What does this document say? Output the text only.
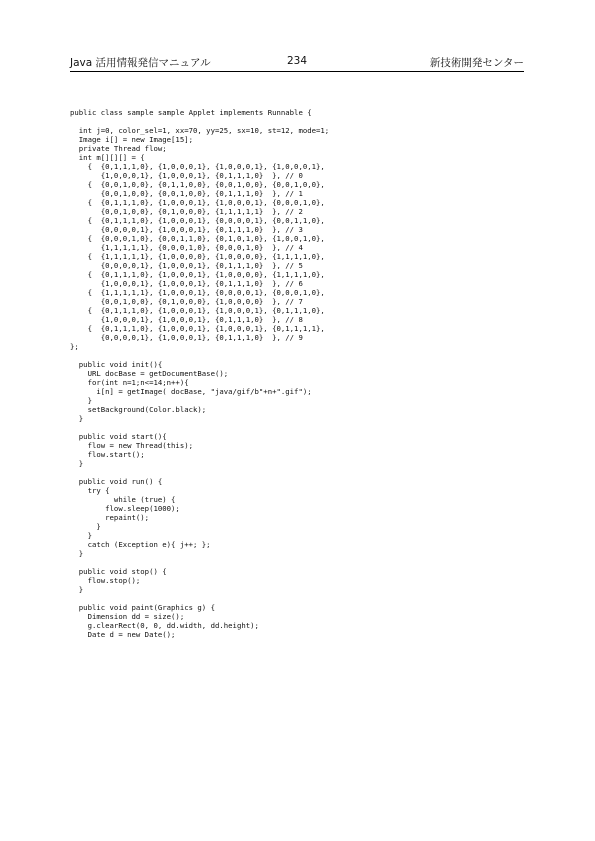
Java 活用情報発信マニュアル	234	新技術開発センター
public class sample sample Applet implements Runnable {

int j=0, color_sel=1, xx=70, yy=25, sx=10, st=12, mode=1;
Image i[] = new Image[15];
private Thread flow;
int m[][][] = {
{  {0,1,1,1,0}, {1,0,0,0,1}, {1,0,0,0,1}, {1,0,0,0,1},
{1,0,0,0,1}, {1,0,0,0,1}, {0,1,1,1,0}  }, // 0
{  {0,0,1,0,0}, {0,1,1,0,0}, {0,0,1,0,0}, {0,0,1,0,0},
{0,0,1,0,0}, {0,0,1,0,0}, {0,1,1,1,0}  }, // 1
{  {0,1,1,1,0}, {1,0,0,0,1}, {1,0,0,0,1}, {0,0,0,1,0},
{0,0,1,0,0}, {0,1,0,0,0}, {1,1,1,1,1}  }, // 2
{  {0,1,1,1,0}, {1,0,0,0,1}, {0,0,0,0,1}, {0,0,1,1,0},
{0,0,0,0,1}, {1,0,0,0,1}, {0,1,1,1,0}  }, // 3
{  {0,0,0,1,0}, {0,0,1,1,0}, {0,1,0,1,0}, {1,0,0,1,0},
{1,1,1,1,1}, {0,0,0,1,0}, {0,0,0,1,0}  }, // 4
{  {1,1,1,1,1}, {1,0,0,0,0}, {1,0,0,0,0}, {1,1,1,1,0},
{0,0,0,0,1}, {1,0,0,0,1}, {0,1,1,1,0}  }, // 5
{  {0,1,1,1,0}, {1,0,0,0,1}, {1,0,0,0,0}, {1,1,1,1,0},
{1,0,0,0,1}, {1,0,0,0,1}, {0,1,1,1,0}  }, // 6
{  {1,1,1,1,1}, {1,0,0,0,1}, {0,0,0,0,1}, {0,0,0,1,0},
{0,0,1,0,0}, {0,1,0,0,0}, {1,0,0,0,0}  }, // 7
{  {0,1,1,1,0}, {1,0,0,0,1}, {1,0,0,0,1}, {0,1,1,1,0},
{1,0,0,0,1}, {1,0,0,0,1}, {0,1,1,1,0}  }, // 8
{  {0,1,1,1,0}, {1,0,0,0,1}, {1,0,0,0,1}, {0,1,1,1,1},
{0,0,0,0,1}, {1,0,0,0,1}, {0,1,1,1,0}  }, // 9
};

public void init(){
URL docBase = getDocumentBase();
for(int n=1;n<=14;n++){
i[n] = getImage( docBase, "java/gif/b"+n+".gif");
}
setBackground(Color.black);
}

public void start(){
flow = new Thread(this);
flow.start();
}

public void run() {
try {
while (true) {
flow.sleep(1000);
repaint();
}
}
catch (Exception e){ j++; };
}

public void stop() {
flow.stop();
}

public void paint(Graphics g) {
Dimension dd = size();
g.clearRect(0, 0, dd.width, dd.height);
Date d = new Date();
